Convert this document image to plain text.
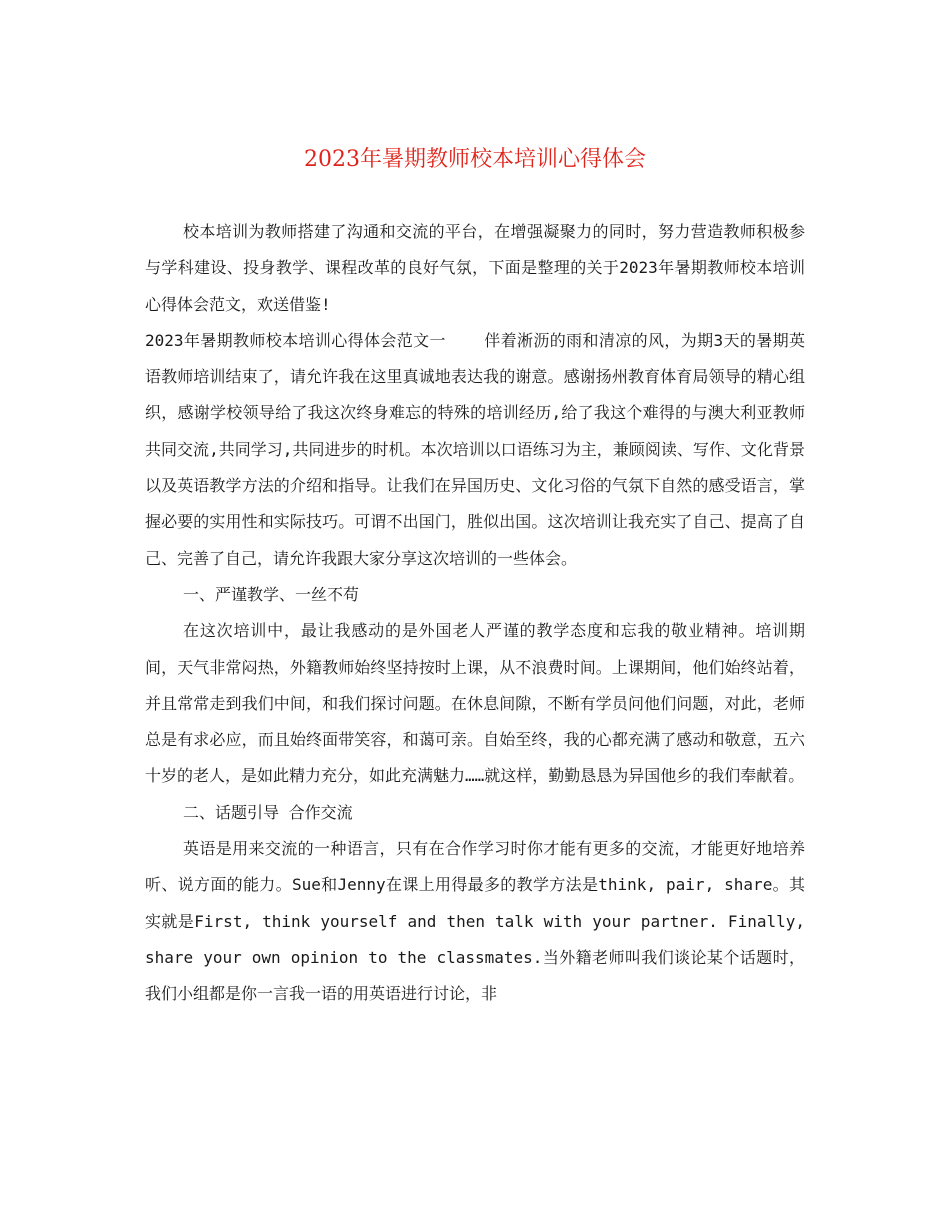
2023年暑期教师校本培训心得体会

校本培训为教师搭建了沟通和交流的平台，在增强凝聚力的同时，努力营造教师积极参与学科建设、投身教学、课程改革的良好气氛，下面是整理的关于2023年暑期教师校本培训心得体会范文，欢送借鉴!

2023年暑期教师校本培训心得体会范文一 伴着淅沥的雨和清凉的风，为期3天的暑期英语教师培训结束了，请允许我在这里真诚地表达我的谢意。感谢扬州教育体育局领导的精心组织，感谢学校领导给了我这次终身难忘的特殊的培训经历,给了我这个难得的与澳大利亚教师共同交流,共同学习,共同进步的时机。本次培训以口语练习为主，兼顾阅读、写作、文化背景以及英语教学方法的介绍和指导。让我们在异国历史、文化习俗的气氛下自然的感受语言，掌握必要的实用性和实际技巧。可谓不出国门，胜似出国。这次培训让我充实了自己、提高了自己、完善了自己，请允许我跟大家分享这次培训的一些体会。

一、严谨教学、一丝不苟

在这次培训中，最让我感动的是外国老人严谨的教学态度和忘我的敬业精神。培训期间，天气非常闷热，外籍教师始终坚持按时上课，从不浪费时间。上课期间，他们始终站着，并且常常走到我们中间，和我们探讨问题。在休息间隙，不断有学员问他们问题，对此，老师总是有求必应，而且始终面带笑容，和蔼可亲。自始至终，我的心都充满了感动和敬意，五六十岁的老人，是如此精力充分，如此充满魅力……就这样，勤勤恳恳为异国他乡的我们奉献着。

二、话题引导 合作交流

英语是用来交流的一种语言，只有在合作学习时你才能有更多的交流，才能更好地培养听、说方面的能力。Sue和Jenny在课上用得最多的教学方法是think, pair, share。其实就是First, think yourself and then talk with your partner. Finally, share your own opinion to the classmates.当外籍老师叫我们谈论某个话题时，我们小组都是你一言我一语的用英语进行讨论，非
